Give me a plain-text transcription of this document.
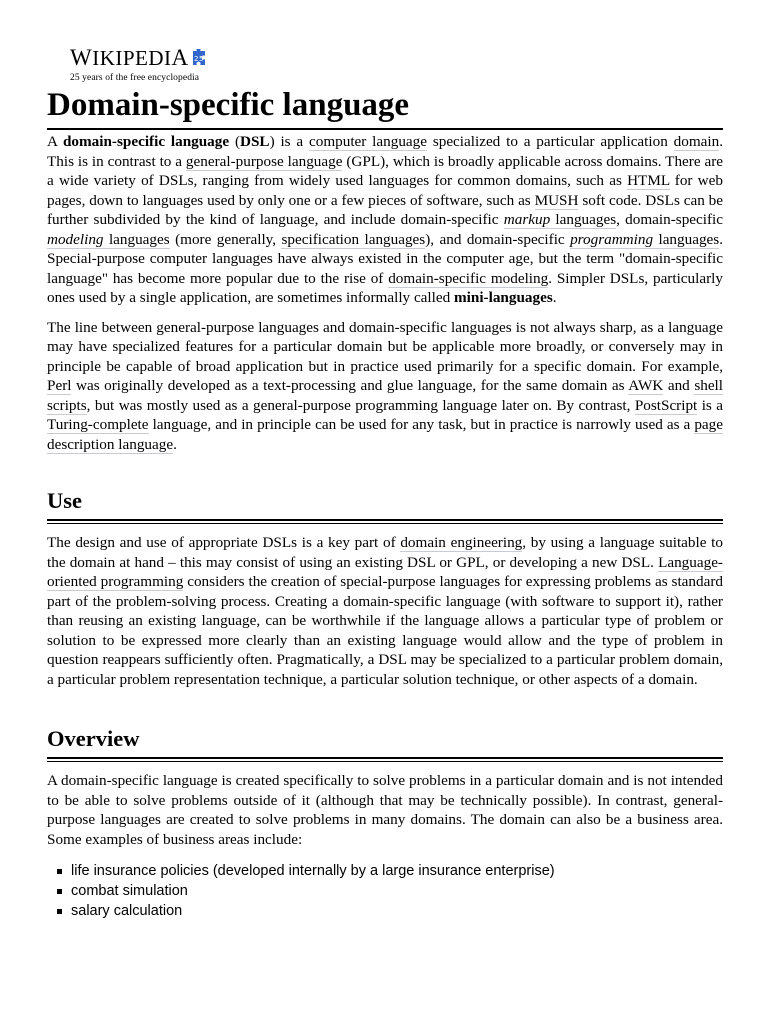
W IKIPEDI A 25
25 years of the free encyclopedia
Domain-specific language

A domain-specific language (DSL) is a computer language specialized to a particular application domain. This is in contrast to a general-purpose language (GPL), which is broadly applicable across domains. There are a wide variety of DSLs, ranging from widely used languages for common domains, such as HTML for web pages, down to languages used by only one or a few pieces of software, such as MUSH soft code. DSLs can be further subdivided by the kind of language, and include domain-specific markup languages, domain-specific modeling languages (more generally, specification languages), and domain-specific programming languages. Special-purpose computer languages have always existed in the computer age, but the term "domain-specific language" has become more popular due to the rise of domain-specific modeling. Simpler DSLs, particularly ones used by a single application, are sometimes informally called mini-languages.

The line between general-purpose languages and domain-specific languages is not always sharp, as a language may have specialized features for a particular domain but be applicable more broadly, or conversely may in principle be capable of broad application but in practice used primarily for a specific domain. For example, Perl was originally developed as a text-processing and glue language, for the same domain as AWK and shell scripts, but was mostly used as a general-purpose programming language later on. By contrast, PostScript is a Turing-complete language, and in principle can be used for any task, but in practice is narrowly used as a page description language.

Use

The design and use of appropriate DSLs is a key part of domain engineering, by using a language suitable to the domain at hand – this may consist of using an existing DSL or GPL, or developing a new DSL. Language-oriented programming considers the creation of special-purpose languages for expressing problems as standard part of the problem-solving process. Creating a domain-specific language (with software to support it), rather than reusing an existing language, can be worthwhile if the language allows a particular type of problem or solution to be expressed more clearly than an existing language would allow and the type of problem in question reappears sufficiently often. Pragmatically, a DSL may be specialized to a particular problem domain, a particular problem representation technique, a particular solution technique, or other aspects of a domain.

Overview

A domain-specific language is created specifically to solve problems in a particular domain and is not intended to be able to solve problems outside of it (although that may be technically possible). In contrast, general-purpose languages are created to solve problems in many domains. The domain can also be a business area. Some examples of business areas include:

life insurance policies (developed internally by a large insurance enterprise)
combat simulation
salary calculation
